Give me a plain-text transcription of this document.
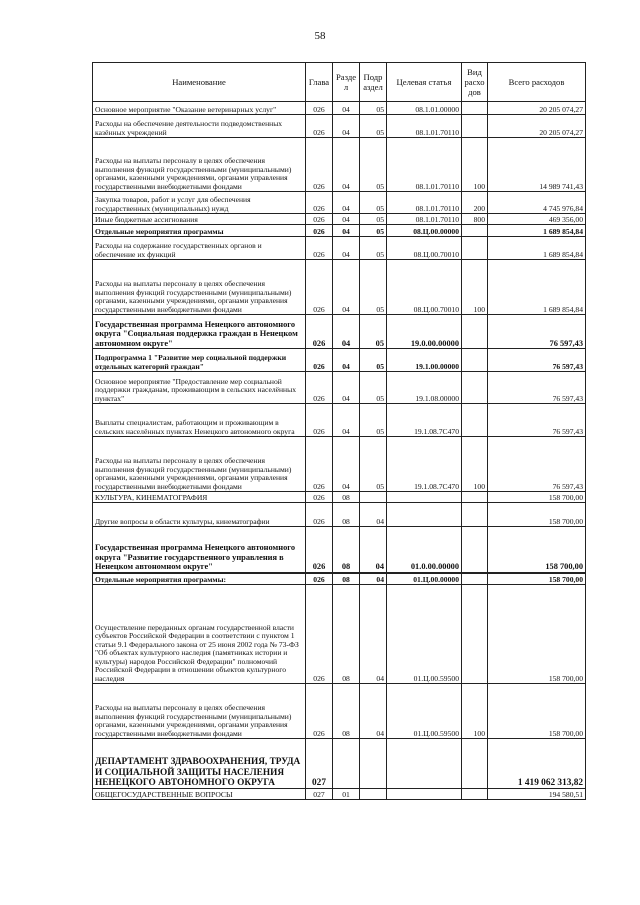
58
Наименование	Глава	Разде л	Подр аздел	Целевая статья	Вид расхо дов	Всего расходов
Основное мероприятие "Оказание ветеринарных услуг"	026	04	05	08.1.01.00000		20 205 074,27
Расходы на обеспечение деятельности подведомственных казённых учреждений	026	04	05	08.1.01.70110		20 205 074,27
Расходы на выплаты персоналу в целях обеспечения выполнения функций государственными (муниципальными) органами, казенными учреждениями, органами управления государственными внебюджетными фондами	026	04	05	08.1.01.70110	100	14 989 741,43
Закупка товаров, работ и услуг для обеспечения государственных (муниципальных) нужд	026	04	05	08.1.01.70110	200	4 745 976,84
Иные бюджетные ассигнования	026	04	05	08.1.01.70110	800	469 356,00
Отдельные мероприятия программы	026	04	05	08.Ц.00.00000		1 689 854,84
Расходы на содержание государственных органов и обеспечение их функций	026	04	05	08.Ц.00.70010		1 689 854,84
Расходы на выплаты персоналу в целях обеспечения выполнения функций государственными (муниципальными) органами, казенными учреждениями, органами управления государственными внебюджетными фондами	026	04	05	08.Ц.00.70010	100	1 689 854,84
Государственная программа Ненецкого автономного округа "Социальная поддержка граждан в Ненецком автономном округе"	026	04	05	19.0.00.00000		76 597,43
Подпрограмма 1 "Развитие мер социальной поддержки отдельных категорий граждан"	026	04	05	19.1.00.00000		76 597,43
Основное мероприятие "Предоставление мер социальной поддержки гражданам, проживающим в сельских населённых пунктах"	026	04	05	19.1.08.00000		76 597,43
Выплаты специалистам, работающим и проживающим в сельских населённых пунктах Ненецкого автономного округа	026	04	05	19.1.08.7С470		76 597,43
Расходы на выплаты персоналу в целях обеспечения выполнения функций государственными (муниципальными) органами, казенными учреждениями, органами управления государственными внебюджетными фондами	026	04	05	19.1.08.7С470	100	76 597,43
КУЛЬТУРА, КИНЕМАТОГРАФИЯ	026	08				158 700,00
Другие вопросы в области культуры, кинематографии	026	08	04			158 700,00
Государственная программа Ненецкого автономного округа "Развитие государственного управления в Ненецком автономном округе"	026	08	04	01.0.00.00000		158 700,00
Отдельные мероприятия программы:	026	08	04	01.Ц.00.00000		158 700,00
Осуществление переданных органам государственной власти субъектов Российской Федерации в соответствии с пунктом 1 статьи 9.1 Федерального закона от 25 июня 2002 года № 73-ФЗ "Об объектах культурного наследия (памятниках истории и культуры) народов Российской Федерации" полномочий Российской Федерации в отношении объектов культурного наследия	026	08	04	01.Ц.00.59500		158 700,00
Расходы на выплаты персоналу в целях обеспечения выполнения функций государственными (муниципальными) органами, казенными учреждениями, органами управления государственными внебюджетными фондами	026	08	04	01.Ц.00.59500	100	158 700,00
ДЕПАРТАМЕНТ ЗДРАВООХРАНЕНИЯ, ТРУДА И СОЦИАЛЬНОЙ ЗАЩИТЫ НАСЕЛЕНИЯ НЕНЕЦКОГО АВТОНОМНОГО ОКРУГА	027					1 419 062 313,82
ОБЩЕГОСУДАРСТВЕННЫЕ ВОПРОСЫ	027	01				194 580,51
